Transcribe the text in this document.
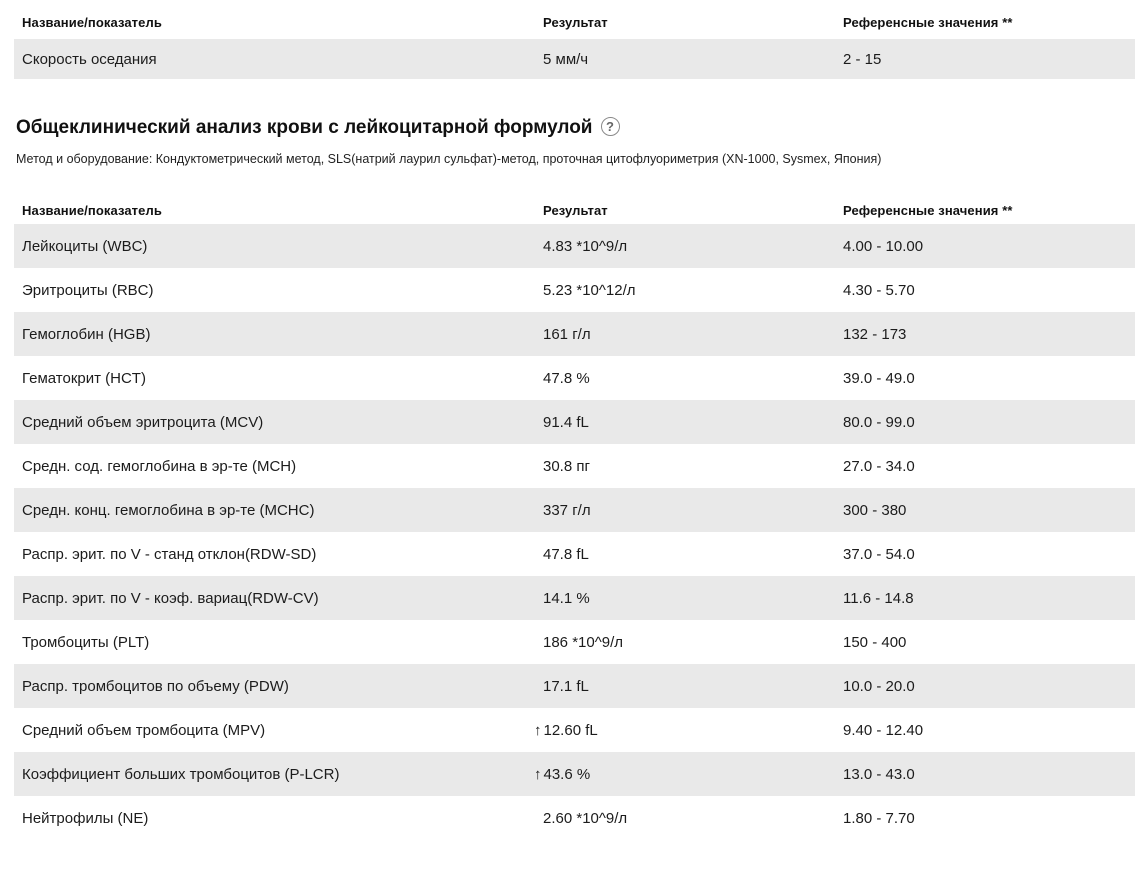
Название/показатель	Результат	Референсные значения **
Скорость оседания	5 мм/ч	2 - 15
Общеклинический анализ крови с лейкоцитарной формулой ?
Метод и оборудование: Кондуктометрический метод, SLS(натрий лаурил сульфат)-метод, проточная цитофлуориметрия (XN-1000, Sysmex, Япония)
Название/показатель	Результат	Референсные значения **
Лейкоциты (WBC)	4.83 *10^9/л	4.00 - 10.00
Эритроциты (RBC)	5.23 *10^12/л	4.30 - 5.70
Гемоглобин (HGB)	161 г/л	132 - 173
Гематокрит (HCT)	47.8 %	39.0 - 49.0
Средний объем эритроцита (MCV)	91.4 fL	80.0 - 99.0
Средн. сод. гемоглобина в эр-те (MCH)	30.8 пг	27.0 - 34.0
Средн. конц. гемоглобина в эр-те (MCHC)	337 г/л	300 - 380
Распр. эрит. по V - станд отклон(RDW-SD)	47.8 fL	37.0 - 54.0
Распр. эрит. по V - коэф. вариац(RDW-CV)	14.1 %	11.6 - 14.8
Тромбоциты (PLT)	186 *10^9/л	150 - 400
Распр. тромбоцитов по объему (PDW)	17.1 fL	10.0 - 20.0
Средний объем тромбоцита (MPV)	↑ 12.60 fL	9.40 - 12.40
Коэффициент больших тромбоцитов (P-LCR)	↑ 43.6 %	13.0 - 43.0
Нейтрофилы (NE)	2.60 *10^9/л	1.80 - 7.70
